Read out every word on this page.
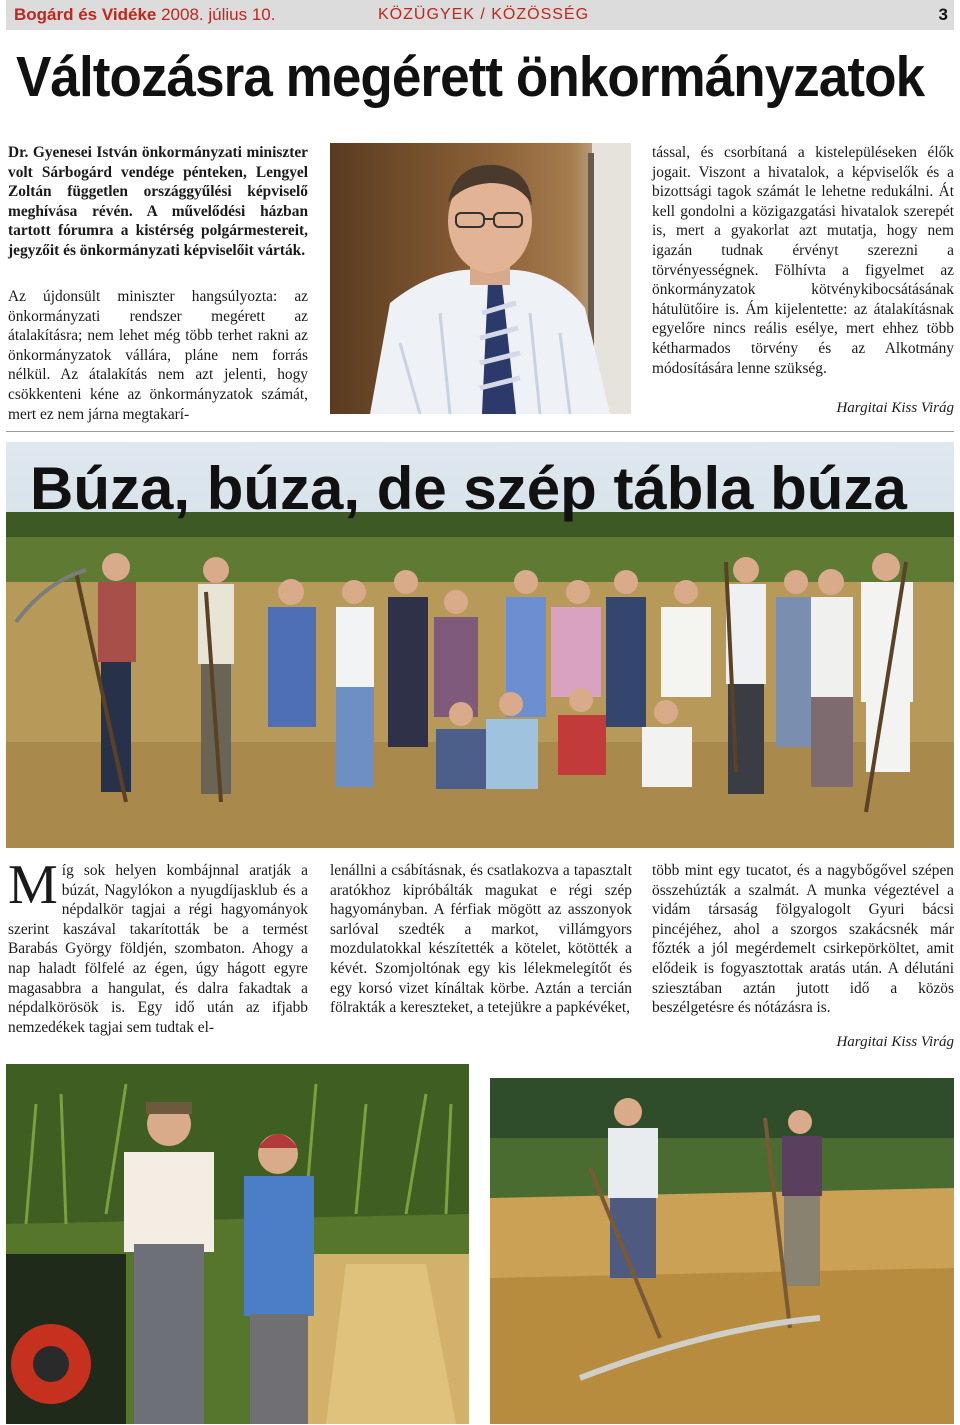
Bogárd és Vidéke 2008. július 10.	KÖZÜGYEK / KÖZÖSSÉG	3
Változásra megérett önkormányzatok

Dr. Gyenesei István önkormányzati miniszter volt Sárbogárd vendége pénteken, Lengyel Zoltán független országgyűlési képviselő meghívása révén. A művelődési házban tartott fórumra a kistérség polgármestereit, jegyzőit és önkormányzati képviselőit várták.

Az újdonsült miniszter hangsúlyozta: az önkormányzati rendszer megérett az átalakításra; nem lehet még több terhet rakni az önkormányzatok vállára, pláne nem forrás nélkül. Az átalakítás nem azt jelenti, hogy csökkenteni kéne az önkormányzatok számát, mert ez nem járna megtakarí-

tással, és csorbítaná a kistelepüléseken élők jogait. Viszont a hivatalok, a képviselők és a bizottsági tagok számát le lehetne redukálni. Át kell gondolni a közigazgatási hivatalok szerepét is, mert a gyakorlat azt mutatja, hogy nem igazán tudnak érvényt szerezni a törvényességnek. Fölhívta a figyelmet az önkormányzatok kötvénykibocsátásának hátulütőire is. Ám kijelentette: az átalakításnak egyelőre nincs reális esélye, mert ehhez több kétharmados törvény és az Alkotmány módosítására lenne szükség.

Hargitai Kiss Virág
Búza, búza, de szép tábla búza
Míg sok helyen kombájnnal aratják a búzát, Nagylókon a nyugdíjasklub és a népdalkör tagjai a régi hagyományok szerint kaszával takarították be a termést Barabás György földjén, szombaton. Ahogy a nap haladt fölfelé az égen, úgy hágott egyre magasabbra a hangulat, és dalra fakadtak a népdalkörösök is. Egy idő után az ifjabb nemzedékek tagjai sem tudtak el-

lenállni a csábításnak, és csatlakozva a tapasztalt aratókhoz kipróbálták magukat e régi szép hagyományban. A férfiak mögött az asszonyok sarlóval szedték a markot, villámgyors mozdulatokkal készítették a kötelet, kötötték a kévét. Szomjoltónak egy kis lélekmelegítőt és egy korsó vizet kínáltak körbe. Aztán a tercián fölrakták a kereszteket, a tetejükre a papkévéket,

több mint egy tucatot, és a nagybőgővel szépen összehúzták a szalmát. A munka végeztével a vidám társaság fölgyalogolt Gyuri bácsi pincéjéhez, ahol a szorgos szakácsnék már főzték a jól megérdemelt csirkepörköltet, amit elődeik is fogyasztottak aratás után. A délutáni sziesztában aztán jutott idő a közös beszélgetésre és nótázásra is.

Hargitai Kiss Virág
